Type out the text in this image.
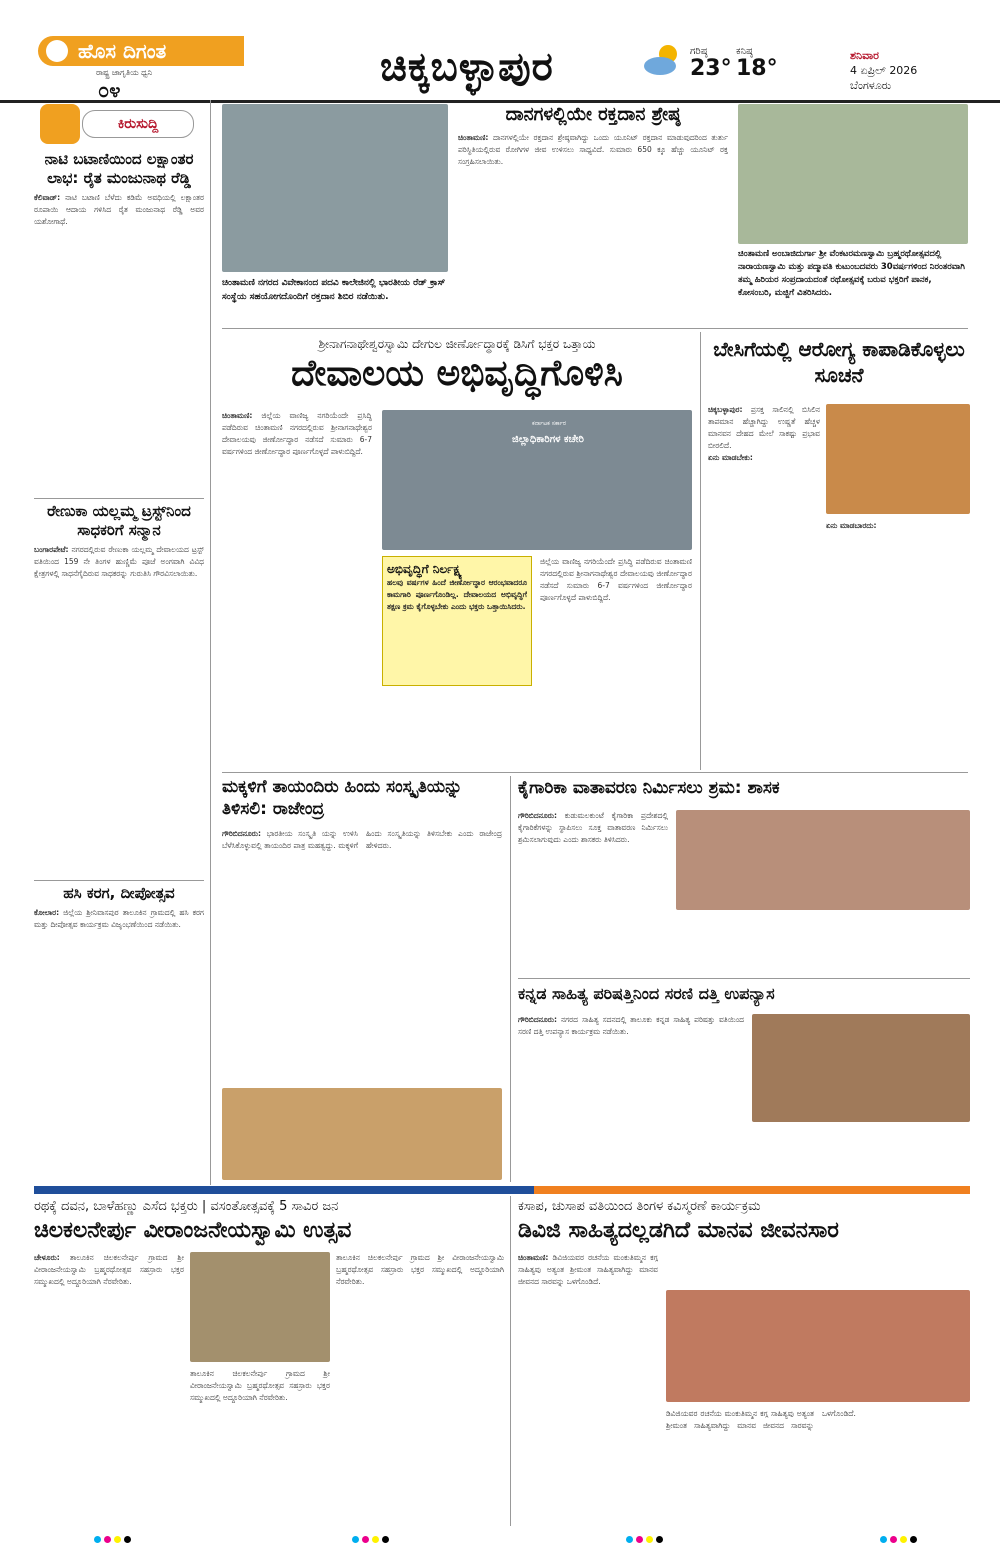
ಹೊಸ ದಿಗಂತ
ರಾಷ್ಟ್ರ ಜಾಗೃತಿಯ ಧ್ವನಿ
೦೪	ಚಿಕ್ಕಬಳ್ಳಾಪುರ	ಗರಿಷ್ಠ
23°
ಕನಿಷ್ಠ
18°
ಶನಿವಾರ
4 ಏಪ್ರಿಲ್ 2026
ಬೆಂಗಳೂರು
ಕಿರುಸುದ್ದಿ
ನಾಟಿ ಬಟಾಣಿಯಿಂದ ಲಕ್ಷಾಂತರ ಲಾಭ: ರೈತ ಮಂಜುನಾಥ ರೆಡ್ಡಿ
ಕೆಲಿವಾಡ್: ನಾಟಿ ಬಟಾಣಿ ಬೆಳೆದು ಕಡಿಮೆ ಅವಧಿಯಲ್ಲಿ ಲಕ್ಷಾಂತರ ರೂಪಾಯಿ ಆದಾಯ ಗಳಿಸಿದ ರೈತ ಮಂಜುನಾಥ ರೆಡ್ಡಿ ಅವರ ಯಶೋಗಾಥೆ.
ರೇಣುಕಾ ಯಲ್ಲಮ್ಮ ಟ್ರಸ್ಟ್‌ನಿಂದ ಸಾಧಕರಿಗೆ ಸನ್ಮಾನ
ಬಂಗಾರಪೇಟೆ: ನಗರದಲ್ಲಿರುವ ರೇಣುಕಾ ಯಲ್ಲಮ್ಮ ದೇವಾಲಯದ ಟ್ರಸ್ಟ್ ವತಿಯಿಂದ 159 ನೇ ತಿಂಗಳ ಹುಣ್ಣಿಮೆ ಪೂಜೆ ಅಂಗವಾಗಿ ವಿವಿಧ ಕ್ಷೇತ್ರಗಳಲ್ಲಿ ಸಾಧನೆಗೈದಿರುವ ಸಾಧಕರನ್ನು ಗುರುತಿಸಿ ಗೌರವಿಸಲಾಯಿತು.
ಹಸಿ ಕರಗ, ದೀಪೋತ್ಸವ
ಕೋಲಾರ: ಜಿಲ್ಲೆಯ ಶ್ರೀನಿವಾಸಪುರ ತಾಲೂಕಿನ ಗ್ರಾಮದಲ್ಲಿ ಹಸಿ ಕರಗ ಮತ್ತು ದೀಪೋತ್ಸವ ಕಾರ್ಯಕ್ರಮ ವಿಜೃಂಭಣೆಯಿಂದ ನಡೆಯಿತು.
ಚಿಂತಾಮಣಿ ನಗರದ ವಿವೇಕಾನಂದ ಪದವಿ ಕಾಲೇಜಿನಲ್ಲಿ ಭಾರತೀಯ ರೆಡ್ ಕ್ರಾಸ್ ಸಂಸ್ಥೆಯ ಸಹಯೋಗದೊಂದಿಗೆ ರಕ್ತದಾನ ಶಿಬಿರ ನಡೆಯಿತು.
ದಾನಗಳಲ್ಲಿಯೇ ರಕ್ತದಾನ ಶ್ರೇಷ್ಠ
ಚಿಂತಾಮಣಿ: ದಾನಗಳಲ್ಲಿಯೇ ರಕ್ತದಾನ ಶ್ರೇಷ್ಠವಾಗಿದ್ದು ಒಂದು ಯೂನಿಟ್ ರಕ್ತದಾನ ಮಾಡುವುದರಿಂದ ತುರ್ತು ಪರಿಸ್ಥಿತಿಯಲ್ಲಿರುವ ರೋಗಿಗಳ ಜೀವ ಉಳಿಸಲು ಸಾಧ್ಯವಿದೆ. ಸುಮಾರು 650 ಕ್ಕೂ ಹೆಚ್ಚು ಯೂನಿಟ್ ರಕ್ತ ಸಂಗ್ರಹಿಸಲಾಯಿತು.
ಚಿಂತಾಮಣಿ ಅಂಬಾಜಿದುರ್ಗಾ ಶ್ರೀ ವೆಂಕಟರಮಣಸ್ವಾಮಿ ಬ್ರಹ್ಮರಥೋತ್ಸವದಲ್ಲಿ ನಾರಾಯಣಸ್ವಾಮಿ ಮತ್ತು ಪದ್ಮಾವತಿ ಕುಟುಂಬದವರು 30ವರ್ಷಗಳಿಂದ ನಿರಂತರವಾಗಿ ತಮ್ಮ ಹಿರಿಯರ ಸಂಪ್ರದಾಯದಂತೆ ರಥೋತ್ಸವಕ್ಕೆ ಬರುವ ಭಕ್ತರಿಗೆ ಪಾನಕ, ಕೋಸಂಬರಿ, ಮಜ್ಜಿಗೆ ವಿತರಿಸಿದರು.
ಶ್ರೀನಾಗನಾಥೇಶ್ವರಸ್ವಾಮಿ ದೇಗುಲ ಜೀರ್ಣೋದ್ಧಾರಕ್ಕೆ ಡಿಸಿಗೆ ಭಕ್ತರ ಒತ್ತಾಯ
ದೇವಾಲಯ ಅಭಿವೃದ್ಧಿಗೊಳಿಸಿ
ಚಿಂತಾಮಣಿ: ಜಿಲ್ಲೆಯ ವಾಣಿಜ್ಯ ನಗರಿಯೆಂದೇ ಪ್ರಸಿದ್ಧಿ ಪಡೆದಿರುವ ಚಿಂತಾಮಣಿ ನಗರದಲ್ಲಿರುವ ಶ್ರೀನಾಗನಾಥೇಶ್ವರ ದೇವಾಲಯವು ಜೀರ್ಣೋದ್ಧಾರ ನಡೆಸದೆ ಸುಮಾರು 6-7 ವರ್ಷಗಳಿಂದ ಜೀರ್ಣೋದ್ಧಾರ ಪೂರ್ಣಗೊಳ್ಳದೆ ಪಾಳುಬಿದ್ದಿದೆ.
ಕರ್ನಾಟಕ ಸರ್ಕಾರ
ಜಿಲ್ಲಾಧಿಕಾರಿಗಳ ಕಚೇರಿ
ಅಭಿವೃದ್ಧಿಗೆ ನಿರ್ಲಕ್ಷ್ಯ
ಹಲವು ವರ್ಷಗಳ ಹಿಂದೆ ಜೀರ್ಣೋದ್ಧಾರ ಆರಂಭವಾದರೂ ಕಾಮಗಾರಿ ಪೂರ್ಣಗೊಂಡಿಲ್ಲ. ದೇವಾಲಯದ ಅಭಿವೃದ್ಧಿಗೆ ತಕ್ಷಣ ಕ್ರಮ ಕೈಗೊಳ್ಳಬೇಕು ಎಂದು ಭಕ್ತರು ಒತ್ತಾಯಿಸಿದರು.
ಜಿಲ್ಲೆಯ ವಾಣಿಜ್ಯ ನಗರಿಯೆಂದೇ ಪ್ರಸಿದ್ಧಿ ಪಡೆದಿರುವ ಚಿಂತಾಮಣಿ ನಗರದಲ್ಲಿರುವ ಶ್ರೀನಾಗನಾಥೇಶ್ವರ ದೇವಾಲಯವು ಜೀರ್ಣೋದ್ಧಾರ ನಡೆಸದೆ ಸುಮಾರು 6-7 ವರ್ಷಗಳಿಂದ ಜೀರ್ಣೋದ್ಧಾರ ಪೂರ್ಣಗೊಳ್ಳದೆ ಪಾಳುಬಿದ್ದಿದೆ.
ಬೇಸಿಗೆಯಲ್ಲಿ ಆರೋಗ್ಯ ಕಾಪಾಡಿಕೊಳ್ಳಲು ಸೂಚನೆ
ಚಿಕ್ಕಬಳ್ಳಾಪುರ: ಪ್ರಸಕ್ತ ಸಾಲಿನಲ್ಲಿ ಬಿಸಿಲಿನ ತಾಪಮಾನ ಹೆಚ್ಚಾಗಿದ್ದು ಉಷ್ಣತೆ ಹೆಚ್ಚಳ ಮಾನವನ ದೇಹದ ಮೇಲೆ ಸಾಕಷ್ಟು ಪ್ರಭಾವ ಬೀರಲಿದೆ.
ಏನು ಮಾಡಬೇಕು:
ಏನು ಮಾಡಬಾರದು:
ಮಕ್ಕಳಿಗೆ ತಾಯಂದಿರು ಹಿಂದು ಸಂಸ್ಕೃತಿಯನ್ನು ತಿಳಿಸಲಿ: ರಾಜೇಂದ್ರ
ಗೌರಿಬಿದನೂರು: ಭಾರತೀಯ ಸಂಸ್ಕೃತಿ ಯನ್ನು ಉಳಿಸಿ ಬೆಳೆಸಿಕೊಳ್ಳುವಲ್ಲಿ ತಾಯಂದಿರ ಪಾತ್ರ ಮಹತ್ವದ್ದು. ಮಕ್ಕಳಿಗೆ ಹಿಂದು ಸಂಸ್ಕೃತಿಯನ್ನು ತಿಳಿಸಬೇಕು ಎಂದು ರಾಜೇಂದ್ರ ಹೇಳಿದರು.
ಕೈಗಾರಿಕಾ ವಾತಾವರಣ ನಿರ್ಮಿಸಲು ಶ್ರಮ: ಶಾಸಕ
ಗೌರಿಬಿದನೂರು: ಕುಡುಮಲಕುಂಟೆ ಕೈಗಾರಿಕಾ ಪ್ರದೇಶದಲ್ಲಿ ಕೈಗಾರಿಕೆಗಳನ್ನು ಸ್ಥಾಪಿಸಲು ಸೂಕ್ತ ವಾತಾವರಣ ನಿರ್ಮಿಸಲು ಶ್ರಮಿಸಲಾಗುವುದು ಎಂದು ಶಾಸಕರು ತಿಳಿಸಿದರು.
ಕನ್ನಡ ಸಾಹಿತ್ಯ ಪರಿಷತ್ತಿನಿಂದ ಸರಣಿ ದತ್ತಿ ಉಪನ್ಯಾಸ
ಗೌರಿಬಿದನೂರು: ನಗರದ ಸಾಹಿತ್ಯ ಸದನದಲ್ಲಿ ತಾಲೂಕು ಕನ್ನಡ ಸಾಹಿತ್ಯ ಪರಿಷತ್ತು ವತಿಯಿಂದ ಸರಣಿ ದತ್ತಿ ಉಪನ್ಯಾಸ ಕಾರ್ಯಕ್ರಮ ನಡೆಯಿತು.
ರಥಕ್ಕೆ ದವನ, ಬಾಳೆಹಣ್ಣು ಎಸೆದ ಭಕ್ತರು | ವಸಂತೋತ್ಸವಕ್ಕೆ 5 ಸಾವಿರ ಜನ
ಚಿಲಕಲನೇರ್ಪು ವೀರಾಂಜನೇಯಸ್ವಾಮಿ ಉತ್ಸವ
ಚೇಳೂರು: ತಾಲೂಕಿನ ಚಿಲಕಲನೇರ್ಪು ಗ್ರಾಮದ ಶ್ರೀ ವೀರಾಂಜನೇಯಸ್ವಾಮಿ ಬ್ರಹ್ಮರಥೋತ್ಸವ ಸಹಸ್ರಾರು ಭಕ್ತರ ಸಮ್ಮುಖದಲ್ಲಿ ಅದ್ದೂರಿಯಾಗಿ ನೆರವೇರಿತು.
ತಾಲೂಕಿನ ಚಿಲಕಲನೇರ್ಪು ಗ್ರಾಮದ ಶ್ರೀ ವೀರಾಂಜನೇಯಸ್ವಾಮಿ ಬ್ರಹ್ಮರಥೋತ್ಸವ ಸಹಸ್ರಾರು ಭಕ್ತರ ಸಮ್ಮುಖದಲ್ಲಿ ಅದ್ದೂರಿಯಾಗಿ ನೆರವೇರಿತು.
ತಾಲೂಕಿನ ಚಿಲಕಲನೇರ್ಪು ಗ್ರಾಮದ ಶ್ರೀ ವೀರಾಂಜನೇಯಸ್ವಾಮಿ ಬ್ರಹ್ಮರಥೋತ್ಸವ ಸಹಸ್ರಾರು ಭಕ್ತರ ಸಮ್ಮುಖದಲ್ಲಿ ಅದ್ದೂರಿಯಾಗಿ ನೆರವೇರಿತು.
ಕಸಾಪ, ಚುಸಾಪ ವತಿಯಿಂದ ತಿಂಗಳ ಕವಿಸ್ಮರಣೆ ಕಾರ್ಯಕ್ರಮ
ಡಿವಿಜಿ ಸಾಹಿತ್ಯದಲ್ಲಡಗಿದೆ ಮಾನವ ಜೀವನಸಾರ
ಚಿಂತಾಮಣಿ: ಡಿವಿಜಿಯವರ ರಚನೆಯ ಮಂಕುತಿಮ್ಮನ ಕಗ್ಗ ಸಾಹಿತ್ಯವು ಅತ್ಯಂತ ಶ್ರೀಮಂತ ಸಾಹಿತ್ಯವಾಗಿದ್ದು ಮಾನವ ಜೀವನದ ಸಾರವನ್ನು ಒಳಗೊಂಡಿದೆ.
ಡಿವಿಜಿಯವರ ರಚನೆಯ ಮಂಕುತಿಮ್ಮನ ಕಗ್ಗ ಸಾಹಿತ್ಯವು ಅತ್ಯಂತ ಶ್ರೀಮಂತ ಸಾಹಿತ್ಯವಾಗಿದ್ದು ಮಾನವ ಜೀವನದ ಸಾರವನ್ನು ಒಳಗೊಂಡಿದೆ.
